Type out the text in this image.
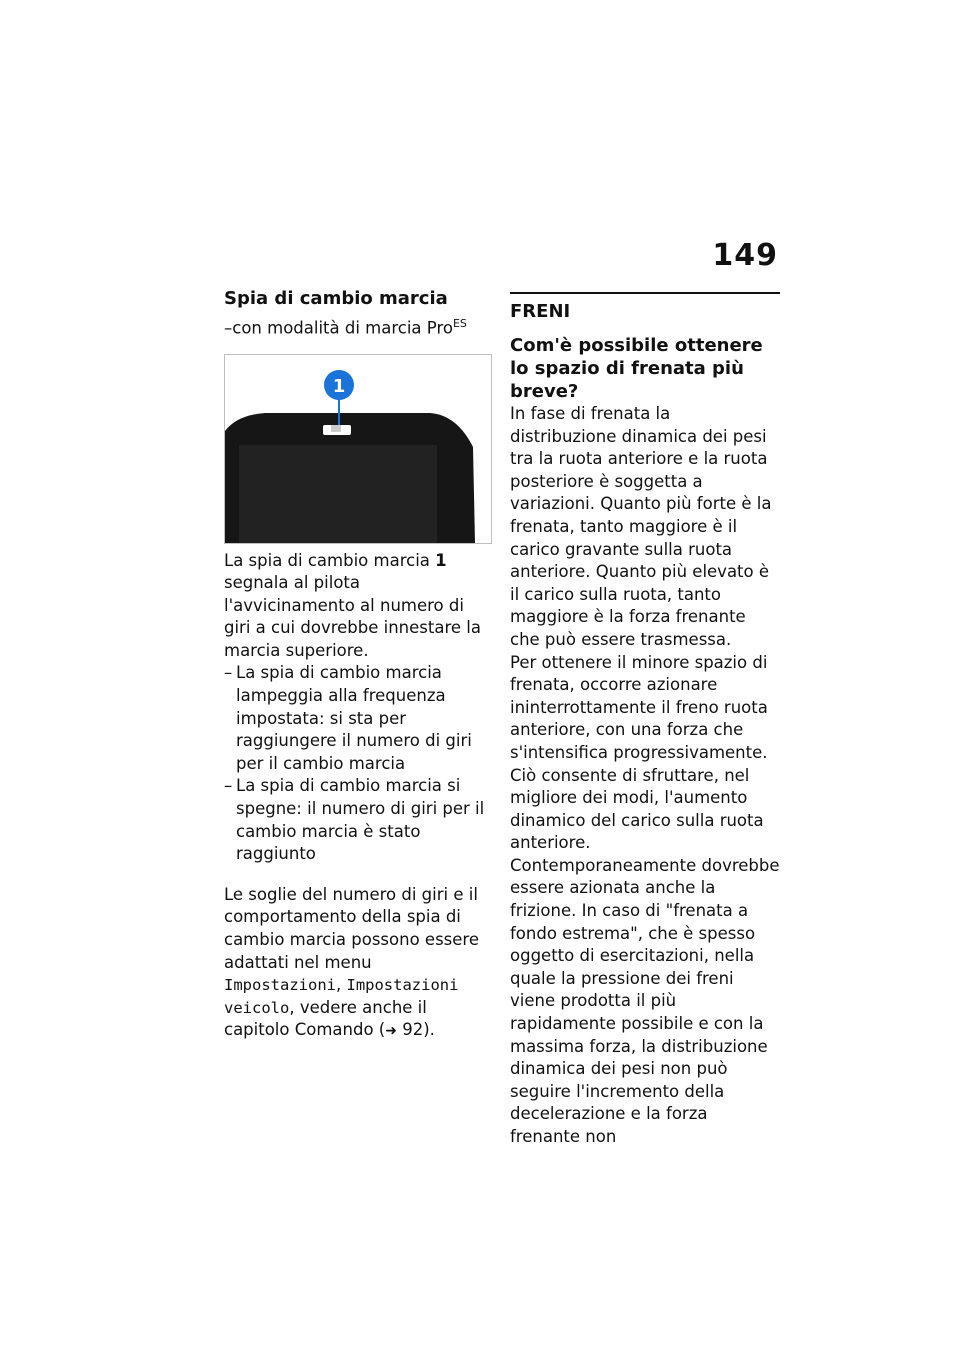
149
Spia di cambio marcia
–con modalità di marcia Pro$^{ES}$
1

La spia di cambio marcia 1 segnala al pilota l'avvicinamento al numero di giri a cui dovrebbe innestare la marcia superiore.

– La spia di cambio marcia lampeggia alla frequenza impostata: si sta per raggiungere il numero di giri per il cambio marcia
– La spia di cambio marcia si spegne: il numero di giri per il cambio marcia è stato raggiunto

Le soglie del numero di giri e il comportamento della spia di cambio marcia possono essere adattati nel menu Impostazioni, Impostazioni veicolo, vedere anche il capitolo Comando (➜ 92).

FRENI
Com'è possibile ottenere lo spazio di frenata più breve?

In fase di frenata la distribuzione dinamica dei pesi tra la ruota anteriore e la ruota posteriore è soggetta a variazioni. Quanto più forte è la frenata, tanto maggiore è il carico gravante sulla ruota anteriore. Quanto più elevato è il carico sulla ruota, tanto maggiore è la forza frenante che può essere trasmessa.

Per ottenere il minore spazio di frenata, occorre azionare ininterrottamente il freno ruota anteriore, con una forza che s'intensifica progressivamente. Ciò consente di sfruttare, nel migliore dei modi, l'aumento dinamico del carico sulla ruota anteriore. Contemporaneamente dovrebbe essere azionata anche la frizione. In caso di "frenata a fondo estrema", che è spesso oggetto di esercitazioni, nella quale la pressione dei freni viene prodotta il più rapidamente possibile e con la massima forza, la distribuzione dinamica dei pesi non può seguire l'incremento della decelerazione e la forza frenante non
